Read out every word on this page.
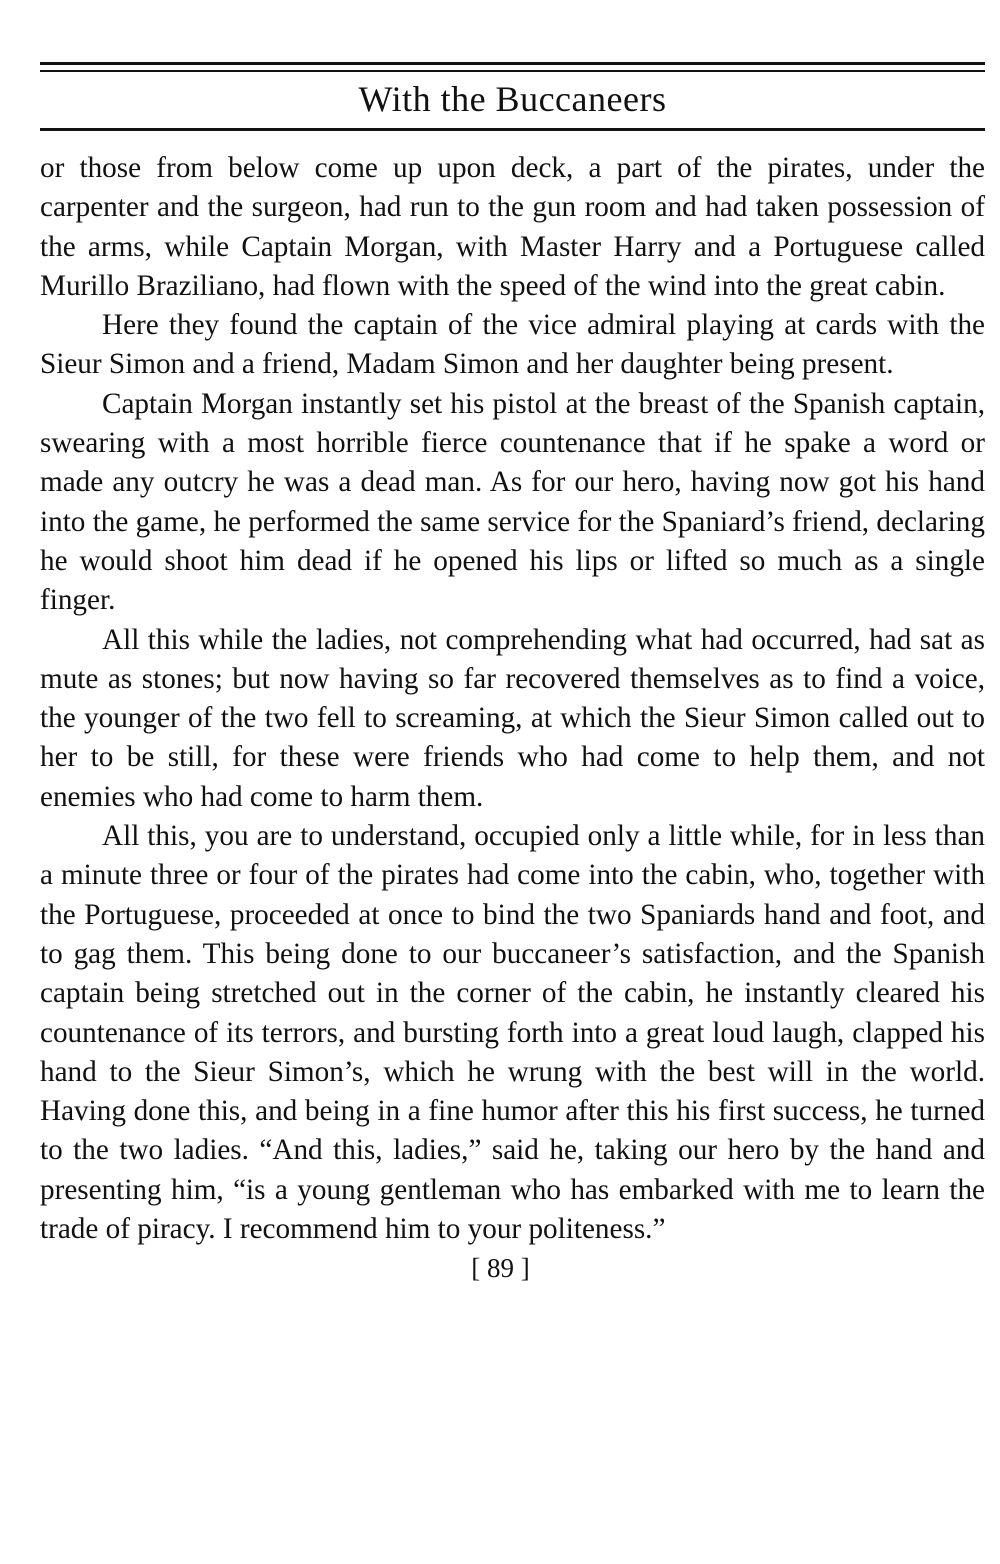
With the Buccaneers

or those from below come up upon deck, a part of the pirates, under the carpenter and the surgeon, had run to the gun room and had taken possession of the arms, while Captain Morgan, with Master Harry and a Portuguese called Murillo Braziliano, had flown with the speed of the wind into the great cabin.

Here they found the captain of the vice admiral playing at cards with the Sieur Simon and a friend, Madam Simon and her daughter being present.

Captain Morgan instantly set his pistol at the breast of the Spanish captain, swearing with a most horrible fierce countenance that if he spake a word or made any outcry he was a dead man. As for our hero, having now got his hand into the game, he performed the same service for the Spaniard’s friend, declaring he would shoot him dead if he opened his lips or lifted so much as a single finger.

All this while the ladies, not comprehending what had occurred, had sat as mute as stones; but now having so far recovered themselves as to find a voice, the younger of the two fell to screaming, at which the Sieur Simon called out to her to be still, for these were friends who had come to help them, and not enemies who had come to harm them.

All this, you are to understand, occupied only a little while, for in less than a minute three or four of the pirates had come into the cabin, who, together with the Portuguese, proceeded at once to bind the two Spaniards hand and foot, and to gag them. This being done to our buccaneer’s satisfaction, and the Spanish captain being stretched out in the corner of the cabin, he instantly cleared his countenance of its terrors, and bursting forth into a great loud laugh, clapped his hand to the Sieur Simon’s, which he wrung with the best will in the world. Having done this, and being in a fine humor after this his first success, he turned to the two ladies. “And this, ladies,” said he, taking our hero by the hand and presenting him, “is a young gentleman who has embarked with me to learn the trade of piracy. I recommend him to your politeness.”

[ 89 ]
